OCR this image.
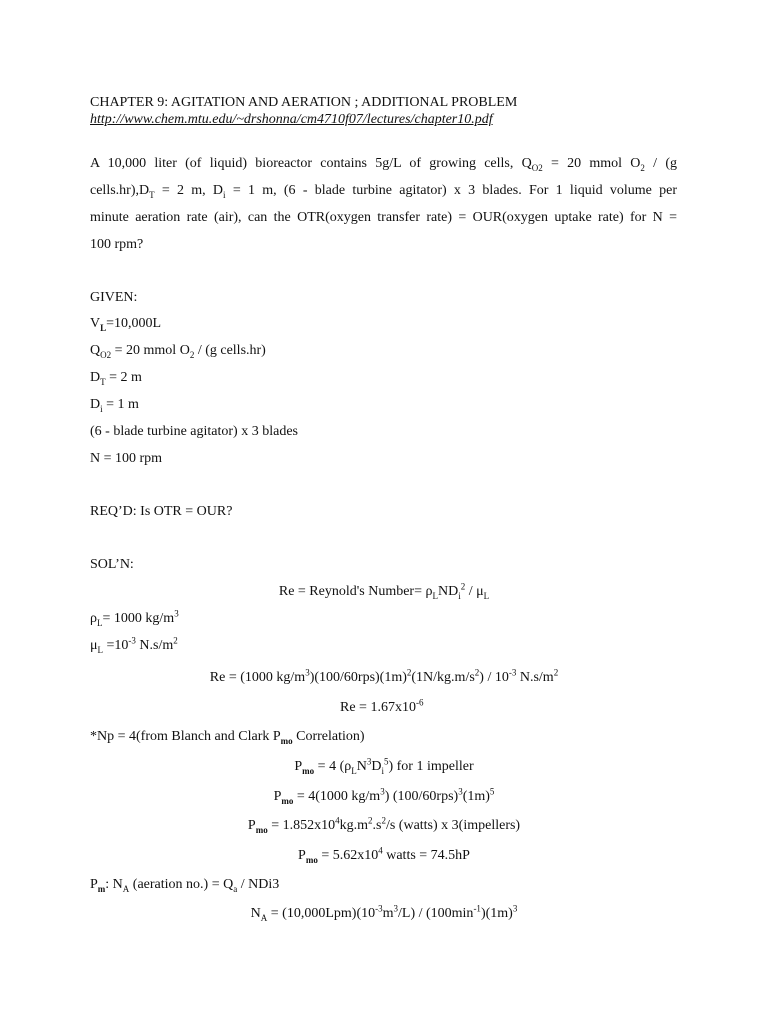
CHAPTER 9: AGITATION AND AERATION ; ADDITIONAL PROBLEM
http://www.chem.mtu.edu/~drshonna/cm4710f07/lectures/chapter10.pdf
A 10,000 liter (of liquid) bioreactor contains 5g/L of growing cells, $Q_{O2} = 20$ mmol $O_2 / (g$
$cells.hr),D_T = 2$ m, $D_i = 1$ m, (6 - blade turbine agitator) x 3 blades. For 1 liquid volume per
minute aeration rate (air), can the OTR(oxygen transfer rate) = OUR(oxygen uptake rate) for N =
100 rpm?
GIVEN:
$V_L=10,000L$
$Q_{O2} = 20$ mmol $O_2 / (g$ cells.hr)
$D_T = 2$ m
$D_i = 1$ m
(6 - blade turbine agitator) x 3 blades
N = 100 rpm
REQ’D: Is OTR = OUR?
SOL’N:
Re = Reynold's Number= $\rho_LND_i^2 / \mu_L$
$\rho_L= 1000$ $kg/m^3$
$\mu_L =10^{-3}$ $N.s/m^2$
Re = (1000 $kg/m^3)(100/60rps)(1m)^2(1N/kg.m/s^2) / 10^{-3}$ $N.s/m^2$
$Re = 1.67x10^{-6}$
*Np = 4(from Blanch and Clark $P_{mo}$ Correlation)
$P_{mo} = 4$ $(\rho_LN^3D_i^5)$ for 1 impeller
$P_{mo} = 4(1000$ $kg/m^3$) $(100/60rps)^3(1m)^5$
$P_{mo} = 1.852x10^4kg.m^2.s^2/s$ (watts) x 3(impellers)
$P_{mo} = 5.62x10^4$ watts = 74.5hP
$P_m$: $N_A$ (aeration $no.) = Q_a / NDi3$
$N_A = (10,000Lpm)(10^{-3}m^3/L) / (100\min^{-1})(1m)^3$
